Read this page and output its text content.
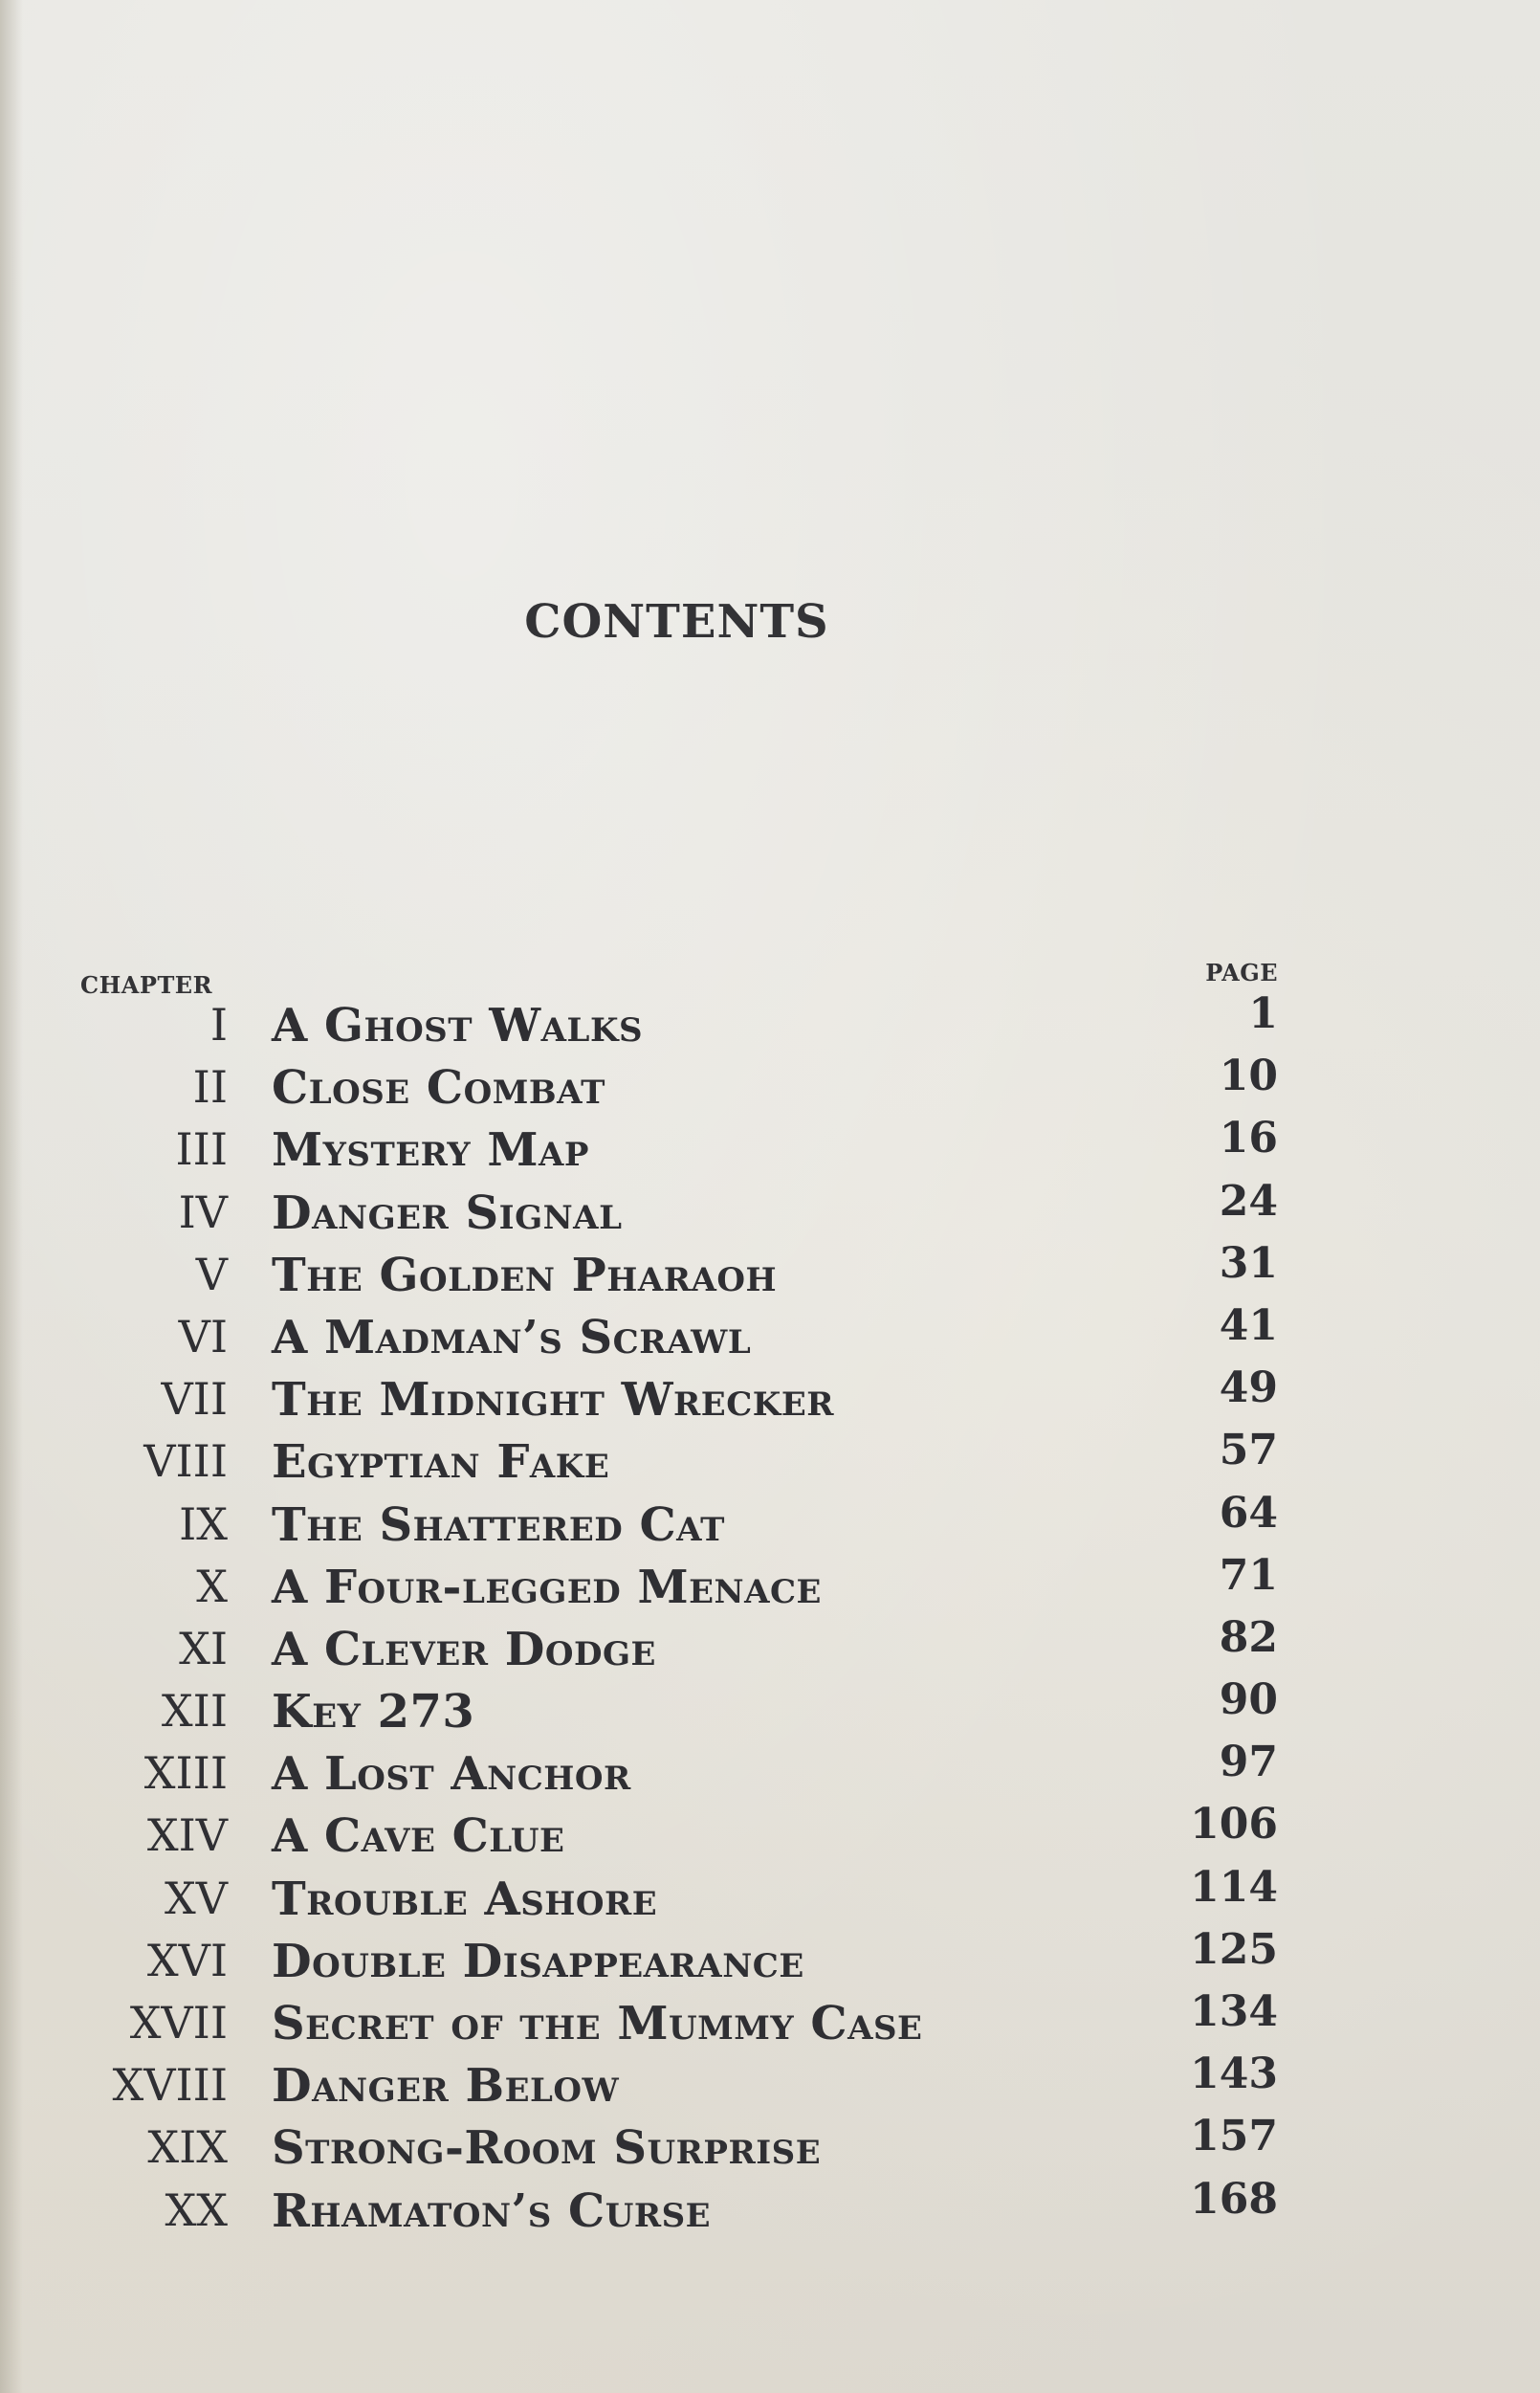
CONTENTS
CHAPTER	PAGE
I A Ghost Walks	1
II Close Combat	10
III Mystery Map	16
IV Danger Signal	24
V The Golden Pharaoh	31
VI A Madman’s Scrawl	41
VII The Midnight Wrecker	49
VIII Egyptian Fake	57
IX The Shattered Cat	64
X A Four-legged Menace	71
XI A Clever Dodge	82
XII Key 273	90
XIII A Lost Anchor	97
XIV A Cave Clue	106
XV Trouble Ashore	114
XVI Double Disappearance	125
XVII Secret of the Mummy Case	134
XVIII Danger Below	143
XIX Strong-Room Surprise	157
XX Rhamaton’s Curse	168
